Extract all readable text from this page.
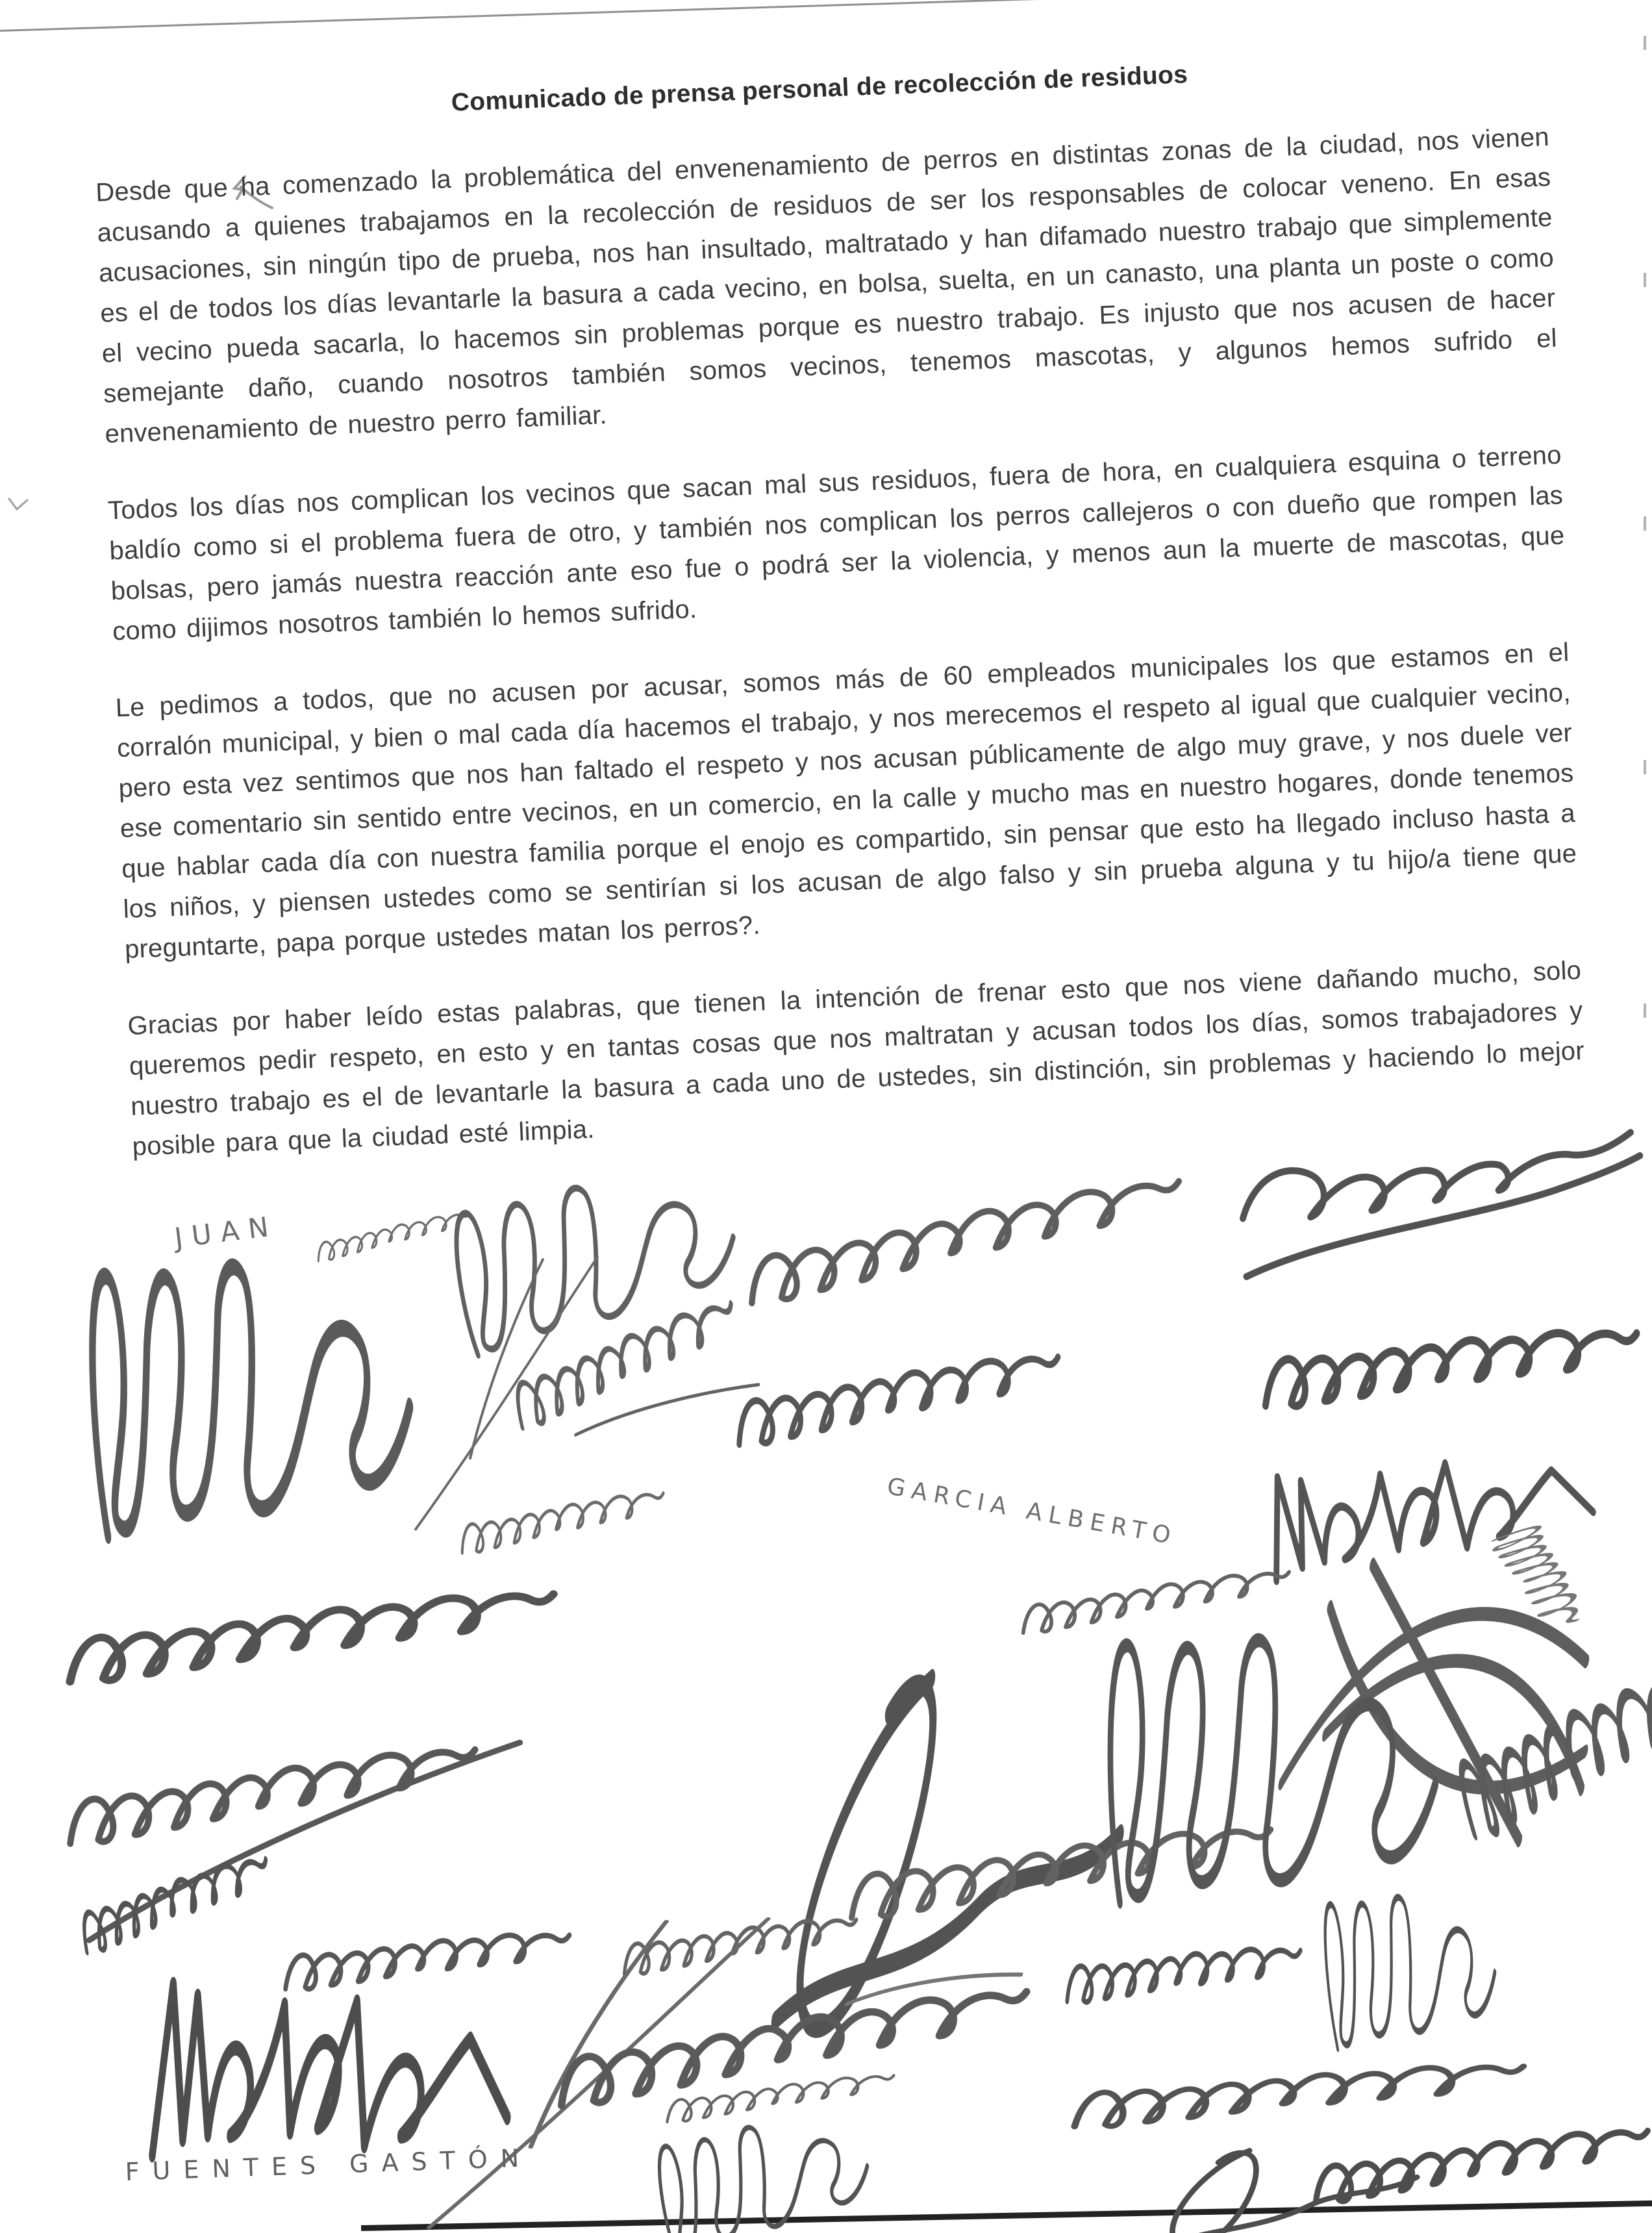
Comunicado de prensa personal de recolección de residuos

Desde que ha comenzado la problemática del envenenamiento de perros en distintas zonas de la ciudad, nos vienen acusando a quienes trabajamos en la recolección de residuos de ser los responsables de colocar veneno. En esas acusaciones, sin ningún tipo de prueba, nos han insultado, maltratado y han difamado nuestro trabajo que simplemente es el de todos los días levantarle la basura a cada vecino, en bolsa, suelta, en un canasto, una planta un poste o como el vecino pueda sacarla, lo hacemos sin problemas porque es nuestro trabajo. Es injusto que nos acusen de hacer semejante daño, cuando nosotros también somos vecinos, tenemos mascotas, y algunos hemos sufrido el envenenamiento de nuestro perro familiar.

Todos los días nos complican los vecinos que sacan mal sus residuos, fuera de hora, en cualquiera esquina o terreno baldío como si el problema fuera de otro, y también nos complican los perros callejeros o con dueño que rompen las bolsas, pero jamás nuestra reacción ante eso fue o podrá ser la violencia, y menos aun la muerte de mascotas, que como dijimos nosotros también lo hemos sufrido.

Le pedimos a todos, que no acusen por acusar, somos más de 60 empleados municipales los que estamos en el corralón municipal, y bien o mal cada día hacemos el trabajo, y nos merecemos el respeto al igual que cualquier vecino, pero esta vez sentimos que nos han faltado el respeto y nos acusan públicamente de algo muy grave, y nos duele ver ese comentario sin sentido entre vecinos, en un comercio, en la calle y mucho mas en nuestro hogares, donde tenemos que hablar cada día con nuestra familia porque el enojo es compartido, sin pensar que esto ha llegado incluso hasta a los niños, y piensen ustedes como se sentirían si los acusan de algo falso y sin prueba alguna y tu hijo/a tiene que preguntarte, papa porque ustedes matan los perros?.

Gracias por haber leído estas palabras, que tienen la intención de frenar esto que nos viene dañando mucho, solo queremos pedir respeto, en esto y en tantas cosas que nos maltratan y acusan todos los días, somos trabajadores y nuestro trabajo es el de levantarle la basura a cada uno de ustedes, sin distinción, sin problemas y haciendo lo mejor posible para que la ciudad esté limpia.

JUAN
GARCIA ALBERTO
FUENTES GASTÓN
